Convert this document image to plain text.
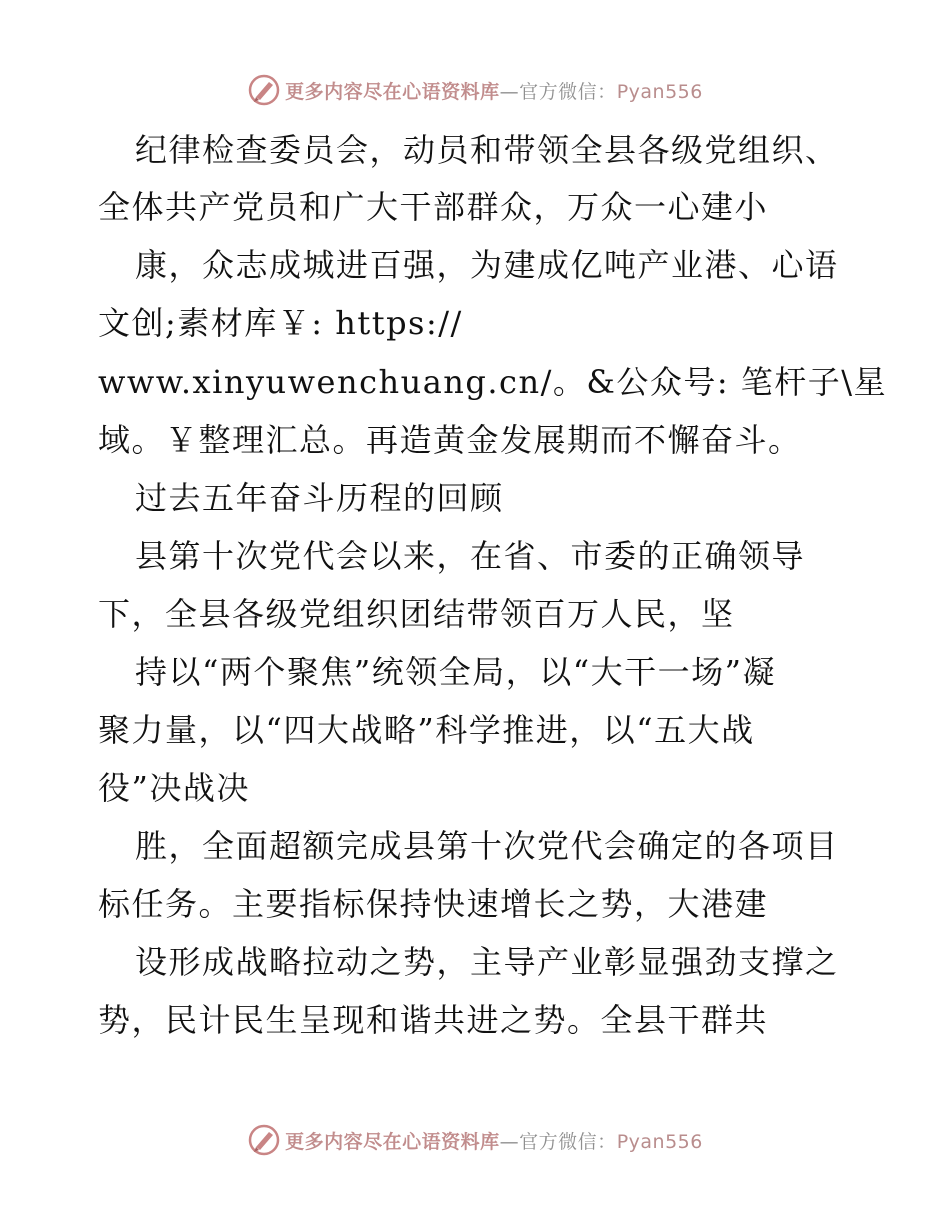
更多内容尽在心语资料库—官方微信：Pyan556
纪律检查委员会，动员和带领全县各级党组织、
全体共产党员和广大干部群众，万众一心建小
康，众志成城进百强，为建成亿吨产业港、心语
文创;素材库￥: https://
www.xinyuwenchuang.cn/。&公众号: 笔杆子\星
域。￥整理汇总。再造黄金发展期而不懈奋斗。
过去五年奋斗历程的回顾
县第十次党代会以来，在省、市委的正确领导
下，全县各级党组织团结带领百万人民，坚
持以“两个聚焦”统领全局，以“大干一场”凝
聚力量，以“四大战略”科学推进，以“五大战
役”决战决
胜，全面超额完成县第十次党代会确定的各项目
标任务。主要指标保持快速增长之势，大港建
设形成战略拉动之势，主导产业彰显强劲支撑之
势，民计民生呈现和谐共进之势。全县干群共
更多内容尽在心语资料库—官方微信：Pyan556
